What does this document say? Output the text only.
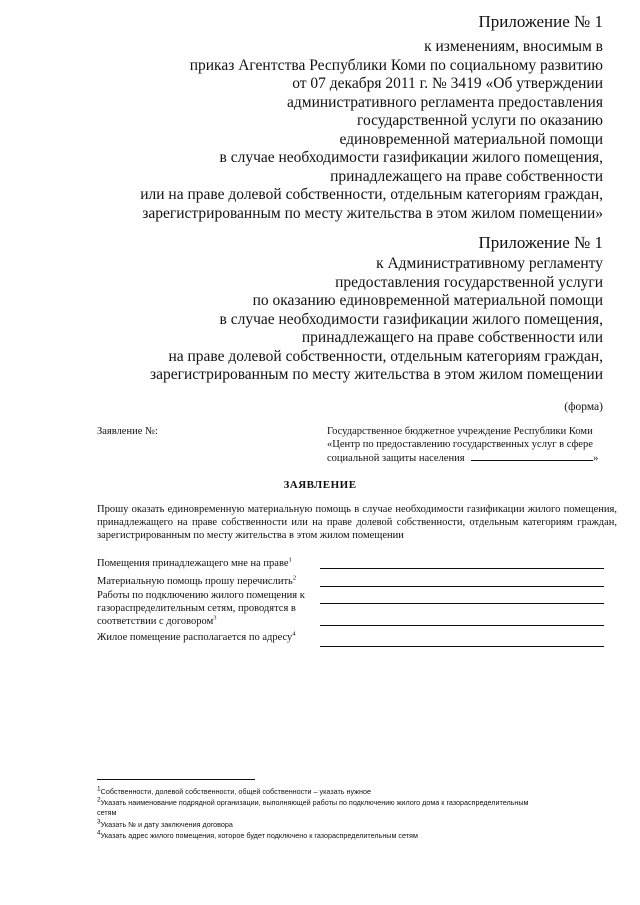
Приложение № 1
к изменениям, вносимым в
приказ Агентства Республики Коми по социальному развитию
от 07 декабря 2011 г. № 3419 «Об утверждении
административного регламента предоставления
государственной услуги по оказанию
единовременной материальной помощи
в случае необходимости газификации жилого помещения,
принадлежащего на праве собственности
или на праве долевой собственности, отдельным категориям граждан,
зарегистрированным по месту жительства в этом жилом помещении»
Приложение № 1
к Административному регламенту
предоставления государственной услуги
по оказанию единовременной материальной помощи
в случае необходимости газификации жилого помещения,
принадлежащего на праве собственности или
на праве долевой собственности, отдельным категориям граждан,
зарегистрированным по месту жительства в этом жилом помещении
(форма)
Заявление №:	Государственное бюджетное учреждение Республики Коми
«Центр по предоставлению государственных услуг в сфере
социальной защиты населения	»
ЗАЯВЛЕНИЕ
Прошу оказать единовременную материальную помощь в случае необходимости газификации жилого помещения, принадлежащего на праве собственности или на праве долевой собственности, отдельным категориям граждан, зарегистрированным по месту жительства в этом жилом помещении
Помещения принадлежащего мне на праве$^1$
Материальную помощь прошу перечислить$^2$
Работы по подключению жилого помещения к
газораспределительным сетям, проводятся в
соответствии с договором$^3$
Жилое помещение располагается по адресу$^4$
$^1$Собственности, долевой собственности, общей собственности – указать нужное
$^2$Указать наименование подрядной организации, выполняющей работы по подключению жилого дома к газораспределительным
сетям
$^3$Указать № и дату заключения договора
$^4$Указать адрес жилого помещения, которое будет подключено к газораспределительным сетям
